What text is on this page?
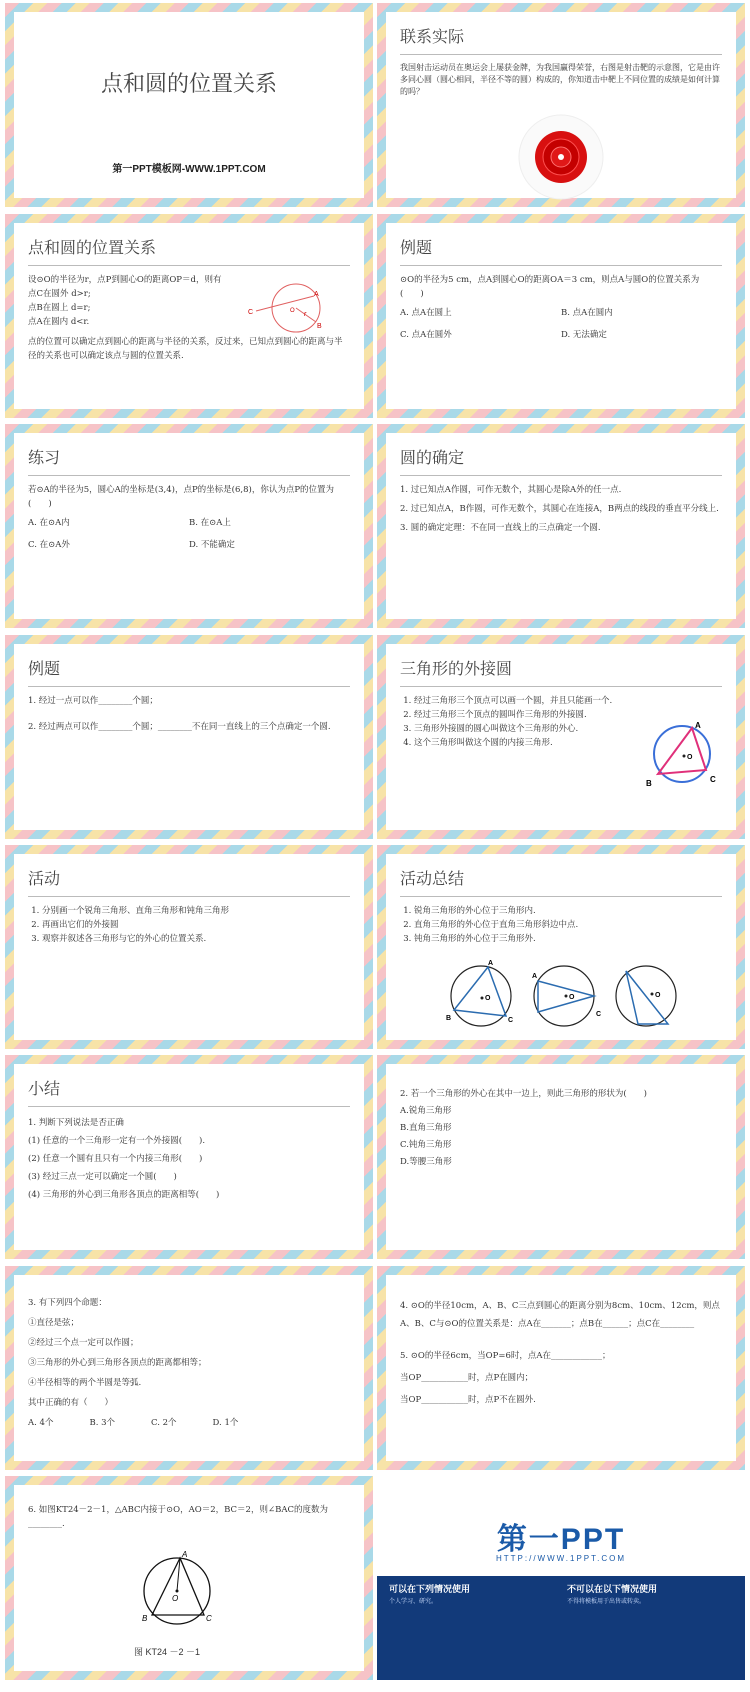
点和圆的位置关系
第一PPT模板网-WWW.1PPT.COM
联系实际
我国射击运动员在奥运会上屡获金牌，为我国赢得荣誉，右图是射击靶的示意图，它是由许多同心圆（圆心相同，半径不等的圆）构成的，你知道击中靶上不同位置的成绩是如何计算的吗？
点和圆的位置关系
设⊙O的半径为r，点P到圆心O的距离OP＝d，则有
点C在圆外 d>r;
点B在圆上 d=r;
点A在圆内 d<r.
点的位置可以确定点到圆心的距离与半径的关系，反过来，已知点到圆心的距离与半径的关系也可以确定该点与圆的位置关系.
C
A
B
O r
例题

⊙O的半径为5 cm，点A到圆心O的距离OA＝3 cm，则点A与圆O的位置关系为(　　)

A. 点A在圆上	B. 点A在圆内
C. 点A在圆外	D. 无法确定
练习

若⊙A的半径为5，圆心A的坐标是(3,4)，点P的坐标是(6,8)，你认为点P的位置为(　　)

A. 在⊙A内	B. 在⊙A上
C. 在⊙A外	D. 不能确定
圆的确定

1. 过已知点A作圆，可作无数个，其圆心是除A外的任一点.

2. 过已知点A，B作圆，可作无数个，其圆心在连接A，B两点的线段的垂直平分线上.

3. 圆的确定定理：不在同一直线上的三点确定一个圆.

例题

1. 经过一点可以作________个圆；

2. 经过两点可以作________个圆；________不在同一直线上的三个点确定一个圆.

三角形的外接圆
1. 经过三角形三个顶点可以画一个圆，并且只能画一个.
2. 经过三角形三个顶点的圆叫作三角形的外接圆.
3. 三角形外接圆的圆心叫做这个三角形的外心.
4. 这个三角形叫做这个圆的内接三角形.
A
B	C
O
活动
1. 分别画一个锐角三角形、直角三角形和钝角三角形
2. 再画出它们的外接圆
3. 观察并叙述各三角形与它的外心的位置关系.
活动总结
1. 锐角三角形的外心位于三角形内.
2. 直角三角形的外心位于直角三角形斜边中点.
3. 钝角三角形的外心位于三角形外.
A
B	C
O
A
O
C
O
小结
1. 判断下列说法是否正确
(1) 任意的一个三角形一定有一个外接圆(　　).
(2) 任意一个圆有且只有一个内接三角形(　　)
(3) 经过三点一定可以确定一个圆(　　)
(4) 三角形的外心到三角形各顶点的距离相等(　　)
2. 若一个三角形的外心在其中一边上，则此三角形的形状为(　　)
A.锐角三角形
B.直角三角形
C.钝角三角形
D.等腰三角形
3. 有下列四个命题：
①直径是弦；
②经过三个点一定可以作圆；
③三角形的外心到三角形各顶点的距离都相等；
④半径相等的两个半圆是等弧.
其中正确的有（　　）
A. 4个	B. 3个	C. 2个	D. 1个
4. ⊙O的半径10cm，A、B、C三点到圆心的距离分别为8cm、10cm、12cm，则点A、B、C与⊙O的位置关系是：点A在_______；点B在______；点C在________
5. ⊙O的半径6cm，当OP=6时，点A在____________；
当OP___________时，点P在圆内；
当OP___________时，点P不在圆外.
6. 如图KT24－2－1，△ABC内接于⊙O，AO＝2，BC＝2，则∠BAC的度数为________.
A
B	C
O
图 KT24 －2 －1
第一PPT
HTTP://WWW.1PPT.COM
可以在下列情况使用
个人学习、研究。
不可以在以下情况使用
不得将模板用于出售或转卖。
